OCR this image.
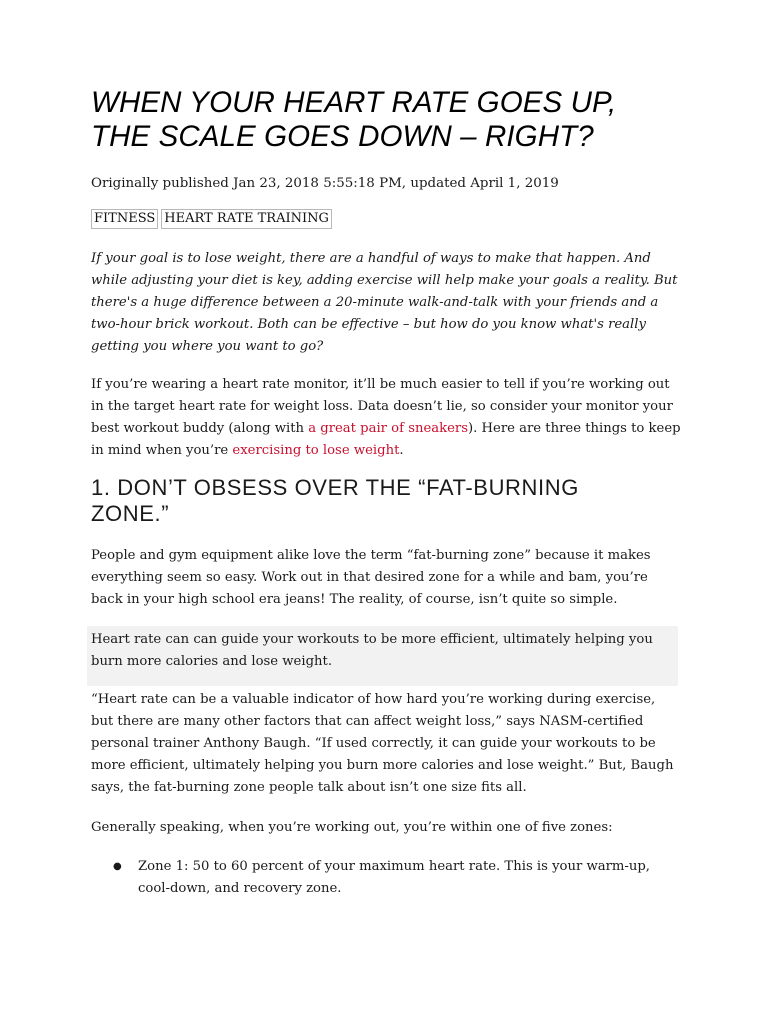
WHEN YOUR HEART RATE GOES UP,
THE SCALE GOES DOWN – RIGHT?

Originally published Jan 23, 2018 5:55:18 PM, updated April 1, 2019

FITNESS HEART RATE TRAINING

If your goal is to lose weight, there are a handful of ways to make that happen. And while adjusting your diet is key, adding exercise will help make your goals a reality. But there's a huge difference between a 20-minute walk-and-talk with your friends and a two-hour brick workout. Both can be effective – but how do you know what's really getting you where you want to go?

If you’re wearing a heart rate monitor, it’ll be much easier to tell if you’re working out in the target heart rate for weight loss. Data doesn’t lie, so consider your monitor your best workout buddy (along with a great pair of sneakers). Here are three things to keep in mind when you’re exercising to lose weight.

1. DON’T OBSESS OVER THE “FAT-BURNING ZONE.”

People and gym equipment alike love the term “fat-burning zone” because it makes everything seem so easy. Work out in that desired zone for a while and bam, you’re back in your high school era jeans! The reality, of course, isn’t quite so simple.

Heart rate can can guide your workouts to be more efficient, ultimately helping you burn more calories and lose weight.

“Heart rate can be a valuable indicator of how hard you’re working during exercise, but there are many other factors that can affect weight loss,” says NASM-certified personal trainer Anthony Baugh. “If used correctly, it can guide your workouts to be more efficient, ultimately helping you burn more calories and lose weight.” But, Baugh says, the fat-burning zone people talk about isn’t one size fits all.

Generally speaking, when you’re working out, you’re within one of five zones:

● Zone 1: 50 to 60 percent of your maximum heart rate. This is your warm-up, cool-down, and recovery zone.
